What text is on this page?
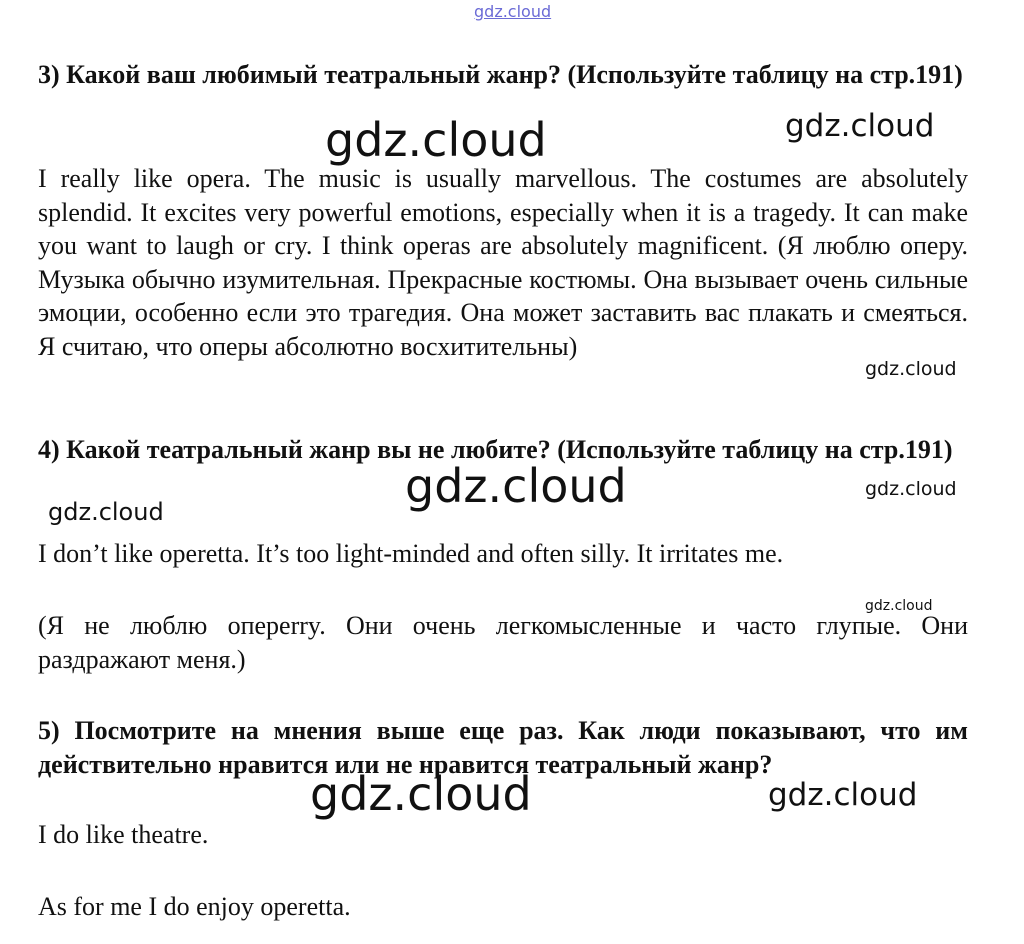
gdz.cloud

3) Какой ваш любимый театральный жанр? (Используйте таблицу на стр.191)

I really like opera. The music is usually marvellous. The costumes are absolutely splendid. It excites very powerful emotions, especially when it is a tragedy. It can make you want to laugh or cry. I think operas are absolutely magnificent. (Я люблю оперу. Музыка обычно изумительная. Прекрасные костюмы. Она вызывает очень сильные эмоции, особенно если это трагедия. Она может заставить вас плакать и смеяться. Я считаю, что оперы абсолютно восхитительны)

4) Какой театральный жанр вы не любите? (Используйте таблицу на стр.191)

I don’t like operetta. It’s too light-minded and often silly. It irritates me.

(Я не люблю опeperry. Они очень легкомысленные и часто глупые. Они раздражают меня.)

5) Посмотрите на мнения выше еще раз. Как люди показывают, что им действительно нравится или не нравится театральный жанр?

I do like theatre.

As for me I do enjoy operetta.

gdz.cloud	gdz.cloud
gdz.cloud
gdz.cloud	gdz.cloud
gdz.cloud
gdz.cloud
gdz.cloud	gdz.cloud
